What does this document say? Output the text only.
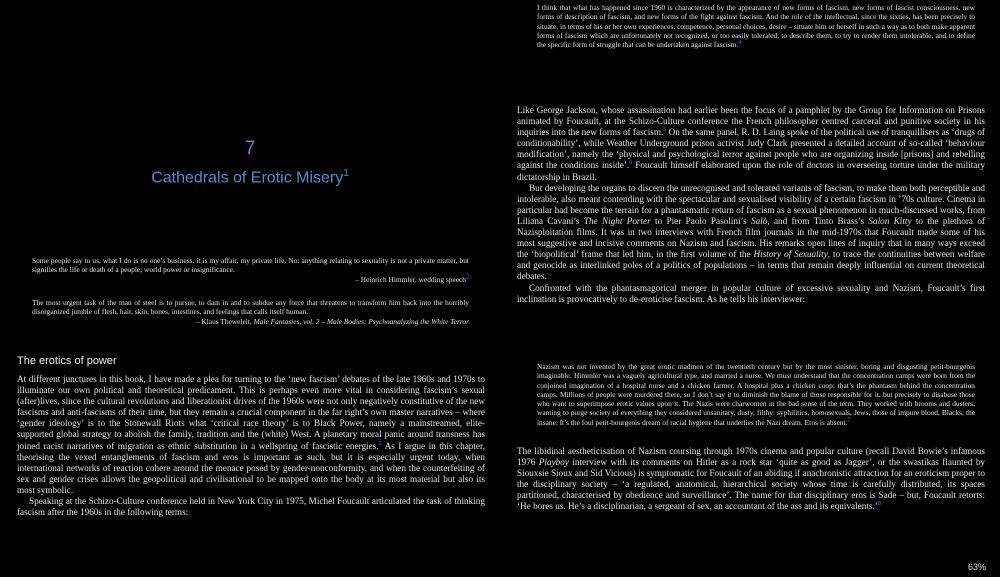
7
Cathedrals of Erotic Misery$^1$
Some people say to us, what I do is no one’s business, it is my affair, my private life. No: anything relating to sexuality is not a private matter, but signifies the life or death of a people; world power or insignificance.
– Heinrich Himmler, wedding speech$^2$
The most urgent task of the man of steel is to pursue, to dam in and to subdue any force that threatens to transform him back into the horribly disorganized jumble of flesh, hair, skin, bones, intestines, and feelings that calls itself human.
– Klaus Theweleit, Male Fantasies, vol. 2 – Male Bodies: Psychoanalyzing the White Terror
The erotics of power

At different junctures in this book, I have made a plea for turning to the ‘new fascism’ debates of the late 1960s and 1970s to illuminate our own political and theoretical predicament. This is perhaps even more vital in considering fascism’s sexual (after)lives, since the cultural revolutions and liberationist drives of the 1960s were not only negatively constitutive of the new fascisms and anti-fascisms of their time, but they remain a crucial component in the far right’s own master narratives – where ‘gender ideology’ is to the Stonewall Riots what ‘critical race theory’ is to Black Power, namely a mainstreamed, elite-supported global strategy to abolish the family, tradition and the (white) West. A planetary moral panic around transness has joined racist narratives of migration as ethnic substitution in a wellspring of fascistic energies.$^3$ As I argue in this chapter, theorising the vexed entanglements of fascism and eros is important as such, but it is especially urgent today, when international networks of reaction cohere around the menace posed by gender-nonconformity, and when the counterfeiting of sex and gender crises allows the geopolitical and civilisational to be mapped onto the body at its most material but also its most symbolic.

Speaking at the Schizo-Culture conference held in New York City in 1975, Michel Foucault articulated the task of thinking fascism after the 1960s in the following terms:

I think that what has happened since 1960 is characterized by the appearance of new forms of fascism, new forms of fascist consciousness, new forms of description of fascism, and new forms of the fight against fascism. And the role of the intellectual, since the sixties, has been precisely to situate, in terms of his or her own experiences, competence, personal choices, desire – situate him or herself in such a way as to both make apparent forms of fascism which are unfortunately not recognized, or too easily tolerated, to describe them, to try to render them intolerable, and to define the specific form of struggle that can be undertaken against fascism.$^4$

Like George Jackson, whose assassination had earlier been the focus of a pamphlet by the Group for Information on Prisons animated by Foucault, at the Schizo-Culture conference the French philosopher centred carceral and punitive society in his inquiries into the new forms of fascism.$^5$ On the same panel, R. D. Laing spoke of the political use of tranquillisers as ‘drugs of conditionability’, while Weather Underground prison activist Judy Clark presented a detailed account of so-called ‘behaviour modification’, namely the ‘physical and psychological terror against people who are organizing inside [prisons] and rebelling against the conditions inside’.$^6$ Foucault himself elaborated upon the role of doctors in overseeing torture under the military dictatorship in Brazil.

But developing the organs to discern the unrecognised and tolerated variants of fascism, to make them both perceptible and intolerable, also meant contending with the spectacular and sexualised visibility of a certain fascism in ’70s culture. Cinema in particular had become the terrain for a phantasmatic return of fascism as a sexual phenomenon in much-discussed works, from Liliana Cavani’s The Night Porter to Pier Paolo Pasolini’s Salò, and from Tinto Brass’s Salon Kitty to the plethora of Nazisploitation films. It was in two interviews with French film journals in the mid-1970s that Foucault made some of his most suggestive and incisive comments on Nazism and fascism. His remarks open lines of inquiry that in many ways exceed the ‘biopolitical’ frame that led him, in the first volume of the History of Sexuality, to trace the continuities between welfare and genocide as interlinked poles of a politics of populations – in terms that remain deeply influential on current theoretical debates.

Confronted with the phantasmagorical merger in popular culture of excessive sexuality and Nazism, Foucault’s first inclination is provocatively to de-eroticise fascism. As he tells his interviewer:

Nazism was not invented by the great erotic madmen of the twentieth century but by the most sinister, boring and disgusting petit-bourgeois imaginable. Himmler was a vaguely agricultural type, and married a nurse. We must understand that the concentration camps were born from the conjoined imagination of a hospital nurse and a chicken farmer. A hospital plus a chicken coop: that’s the phantasm behind the concentration camps. Millions of people were murdered there, so I don’t say it to diminish the blame of those responsible for it, but precisely to disabuse those who want to superimpose erotic values upon it. The Nazis were charwomen in the bad sense of the term. They worked with brooms and dusters, wanting to purge society of everything they considered unsanitary, dusty, filthy: syphilitics, homosexuals, Jews, those of impure blood, Blacks, the insane. It’s the foul petit-bourgeois dream of racial hygiene that underlies the Nazi dream. Eros is absent.$^7$

The libidinal aestheticisation of Nazism coursing through 1970s cinema and popular culture (recall David Bowie’s infamous 1976 Playboy interview with its comments on Hitler as a rock star ‘quite as good as Jagger’, or the swastikas flaunted by Siouxsie Sioux and Sid Vicious) is symptomatic for Foucault of an abiding if anachronistic attraction for an eroticism proper to the disciplinary society – ‘a regulated, anatomical, hierarchical society whose time is carefully distributed, its spaces partitioned, characterised by obedience and surveillance’. The name for that disciplinary eros is Sade – but, Foucault retorts: ‘He bores us. He’s a disciplinarian, a sergeant of sex, an accountant of the ass and its equivalents.’$^8$

63%
